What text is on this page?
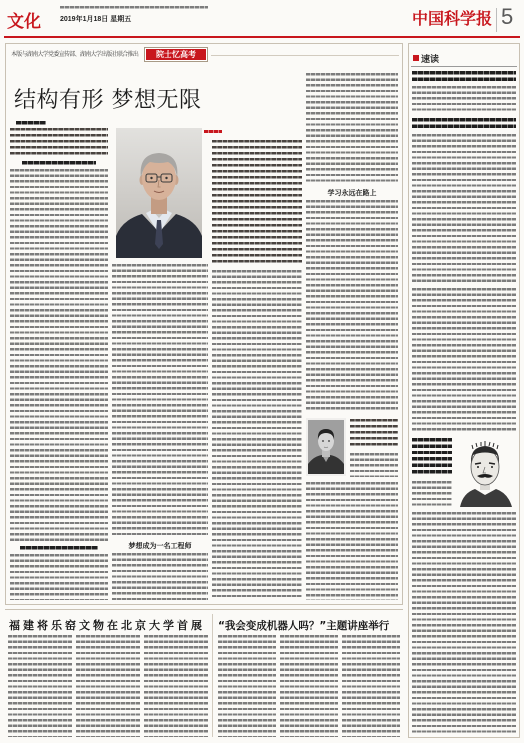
文化	2019年1月18日 星期五	中国科学报 5
本版与湖南大学党委宣传部、湖南大学出版社联合推出	院士忆高考
结构有形 梦想无限
梦想成为一名工程师
学习永远在路上
福建将乐窑文物在北京大学首展	“我会变成机器人吗？”主题讲座举行
速读
